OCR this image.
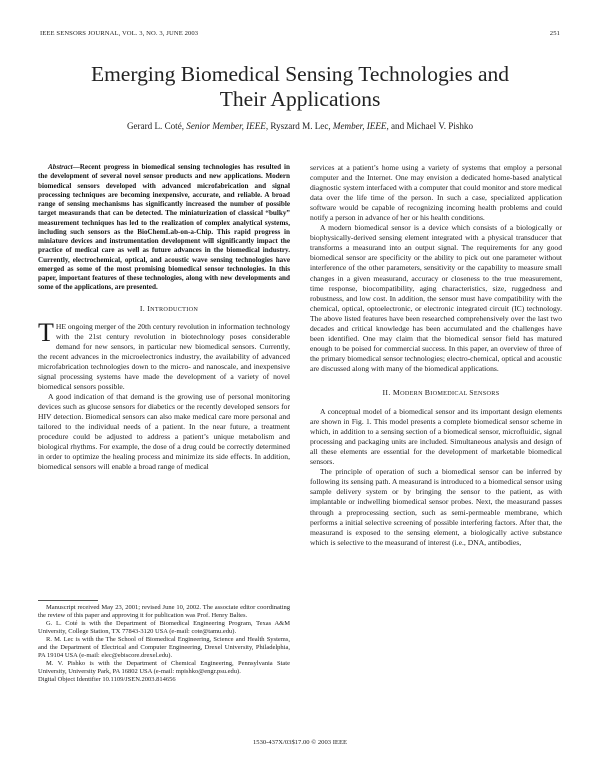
IEEE SENSORS JOURNAL, VOL. 3, NO. 3, JUNE 2003	251
Emerging Biomedical Sensing Technologies and
Their Applications
Gerard L. Coté, Senior Member, IEEE, Ryszard M. Lec, Member, IEEE, and Michael V. Pishko

Abstract—Recent progress in biomedical sensing technologies has resulted in the development of several novel sensor products and new applications. Modern biomedical sensors developed with advanced microfabrication and signal processing techniques are becoming inexpensive, accurate, and reliable. A broad range of sensing mechanisms has significantly increased the number of possible target measurands that can be detected. The miniaturization of classical “bulky” measurement techniques has led to the realization of complex analytical systems, including such sensors as the BioChemLab-on-a-Chip. This rapid progress in miniature devices and instrumentation development will significantly impact the practice of medical care as well as future advances in the biomedical industry. Currently, electrochemical, optical, and acoustic wave sensing technologies have emerged as some of the most promising biomedical sensor technologies. In this paper, important features of these technologies, along with new developments and some of the applications, are presented.

I. INTRODUCTION

THE ongoing merger of the 20th century revolution in information technology with the 21st century revolution in biotechnology poses considerable demand for new sensors, in particular new biomedical sensors. Currently, the recent advances in the microelectronics industry, the availability of advanced microfabrication technologies down to the micro- and nanoscale, and inexpensive signal processing systems have made the development of a variety of novel biomedical sensors possible.

A good indication of that demand is the growing use of personal monitoring devices such as glucose sensors for diabetics or the recently developed sensors for HIV detection. Biomedical sensors can also make medical care more personal and tailored to the individual needs of a patient. In the near future, a treatment procedure could be adjusted to address a patient’s unique metabolism and biological rhythms. For example, the dose of a drug could be correctly determined in order to optimize the healing process and minimize its side effects. In addition, biomedical sensors will enable a broad range of medical

Manuscript received May 23, 2001; revised June 10, 2002. The associate editor coordinating the review of this paper and approving it for publication was Prof. Henry Baltes.

G. L. Coté is with the Department of Biomedical Engineering Program, Texas A&M University, College Station, TX 77843-3120 USA (e-mail: cote@tamu.edu).

R. M. Lec is with the The School of Biomedical Engineering, Science and Health Systems, and the Department of Electrical and Computer Engineering, Drexel University, Philadelphia, PA 19104 USA (e-mail: elec@ebiscore.drexel.edu).

M. V. Pishko is with the Department of Chemical Engineering, Pennsylvania State University, University Park, PA 16802 USA (e-mail: mpishko@engr.psu.edu).

Digital Object Identifier 10.1109/JSEN.2003.814656

services at a patient’s home using a variety of systems that employ a personal computer and the Internet. One may envision a dedicated home-based analytical diagnostic system interfaced with a computer that could monitor and store medical data over the life time of the person. In such a case, specialized application software would be capable of recognizing incoming health problems and could notify a person in advance of her or his health conditions.

A modern biomedical sensor is a device which consists of a biologically or biophysically-derived sensing element integrated with a physical transducer that transforms a measurand into an output signal. The requirements for any good biomedical sensor are specificity or the ability to pick out one parameter without interference of the other parameters, sensitivity or the capability to measure small changes in a given measurand, accuracy or closeness to the true measurement, time response, biocompatibility, aging characteristics, size, ruggedness and robustness, and low cost. In addition, the sensor must have compatibility with the chemical, optical, optoelectronic, or electronic integrated circuit (IC) technology. The above listed features have been researched comprehensively over the last two decades and critical knowledge has been accumulated and the challenges have been identified. One may claim that the biomedical sensor field has matured enough to be poised for commercial success. In this paper, an overview of three of the primary biomedical sensor technologies; electro-chemical, optical and acoustic are discussed along with many of the biomedical applications.

II. MODERN BIOMEDICAL SENSORS

A conceptual model of a biomedical sensor and its important design elements are shown in Fig. 1. This model presents a complete biomedical sensor scheme in which, in addition to a sensing section of a biomedical sensor, microfluidic, signal processing and packaging units are included. Simultaneous analysis and design of all these elements are essential for the development of marketable biomedical sensors.

The principle of operation of such a biomedical sensor can be inferred by following its sensing path. A measurand is introduced to a biomedical sensor using sample delivery system or by bringing the sensor to the patient, as with implantable or indwelling biomedical sensor probes. Next, the measurand passes through a preprocessing section, such as semi-permeable membrane, which performs a initial selective screening of possible interfering factors. After that, the measurand is exposed to the sensing element, a biologically active substance which is selective to the measurand of interest (i.e., DNA, antibodies,

1530-437X/03$17.00 © 2003 IEEE
